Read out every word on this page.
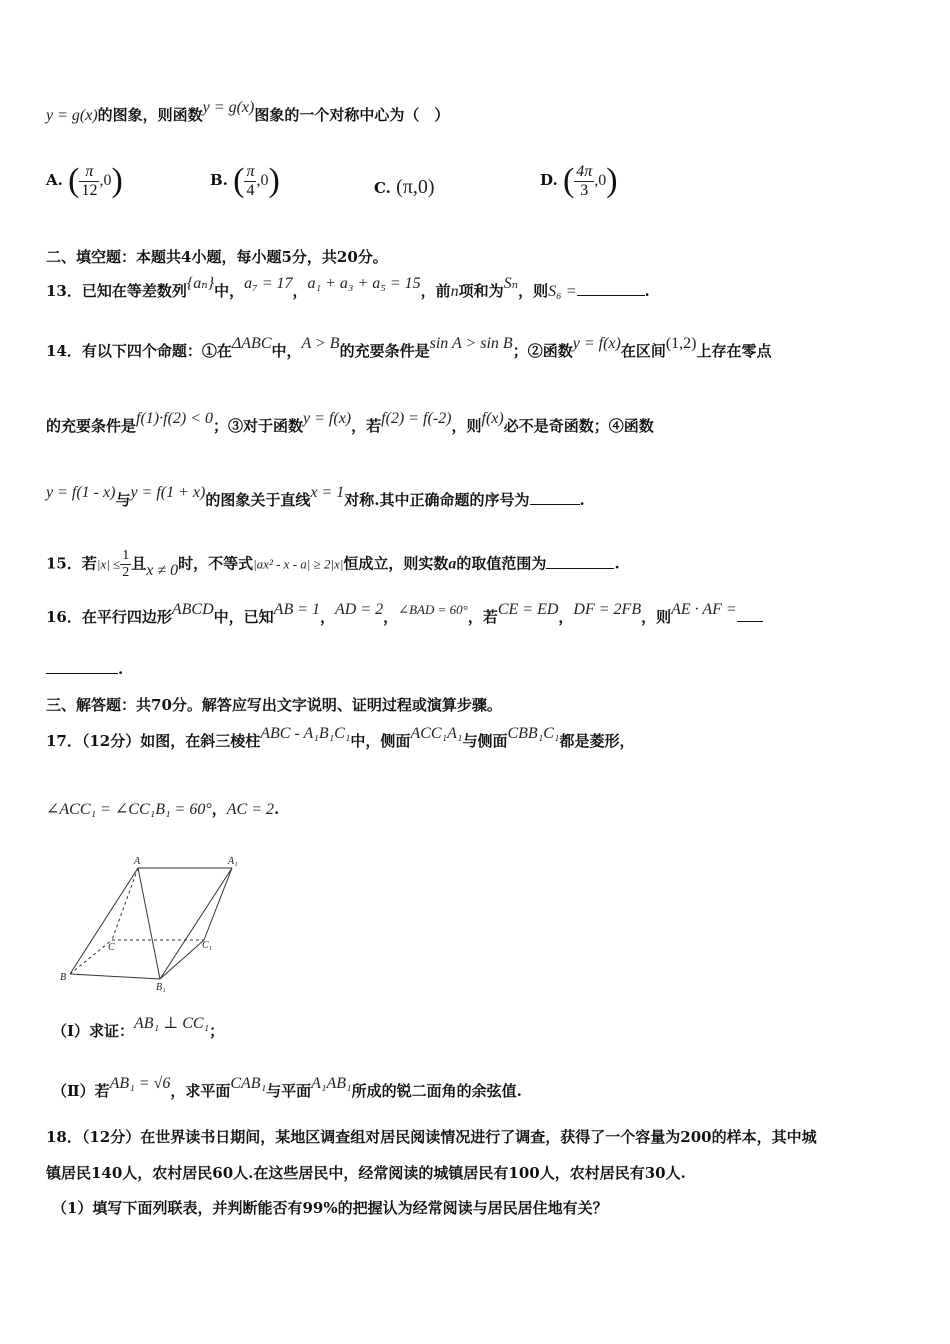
y = g(x)的图象，则函数y = g(x)图象的一个对称中心为（　）
A. ( $\frac{\pi}{12} ,0$)	B. ( $\frac{\pi}{4} ,0$)	C. (π,0)	D. ( $\frac{4\pi}{3} ,0$)
二、填空题：本题共4小题，每小题5分，共20分。
13．已知在等差数列{aₙ}中，a₇ = 17，a₁ + a₃ + a₅ = 15，前n项和为Sₙ，则S₆ =	.
14．有以下四个命题：①在ΔABC中，A > B的充要条件是sin A > sin B；②函数y = f(x)在区间(1,2)上存在零点
的充要条件是f(1)·f(2) < 0；③对于函数y = f(x)，若f(2) = f(-2)，则f(x)必不是奇函数；④函数
y = f(1 - x)与y = f(1 + x)的图象关于直线x = 1对称.其中正确命题的序号为	.
15．若$|x| \le \frac{1}{2}$ 且x ≠ 0时，不等式|ax² - x - a| ≥ 2|x|恒成立，则实数a的取值范围为	.
16．在平行四边形ABCD中，已知AB = 1，AD = 2，∠BAD = 60°，若CE = ED，DF = 2FB，则AE · AF =
.
三、解答题：共70分。解答应写出文字说明、证明过程或演算步骤。
17．（12分）如图，在斜三棱柱ABC - A₁B₁C₁中，侧面ACC₁A₁与侧面CBB₁C₁都是菱形，
∠ACC₁ = ∠CC₁B₁ = 60°，AC = 2.
A	A₁
C	C₁
B
B₁
（Ⅰ）求证：AB₁ ⊥ CC₁；
（Ⅱ）若AB₁ = √6，求平面CAB₁与平面A₁AB₁所成的锐二面角的余弦值.
18．（12分）在世界读书日期间，某地区调查组对居民阅读情况进行了调查，获得了一个容量为200的样本，其中城
镇居民140人，农村居民60人.在这些居民中，经常阅读的城镇居民有100人，农村居民有30人.
（1）填写下面列联表，并判断能否有99%的把握认为经常阅读与居民居住地有关？
